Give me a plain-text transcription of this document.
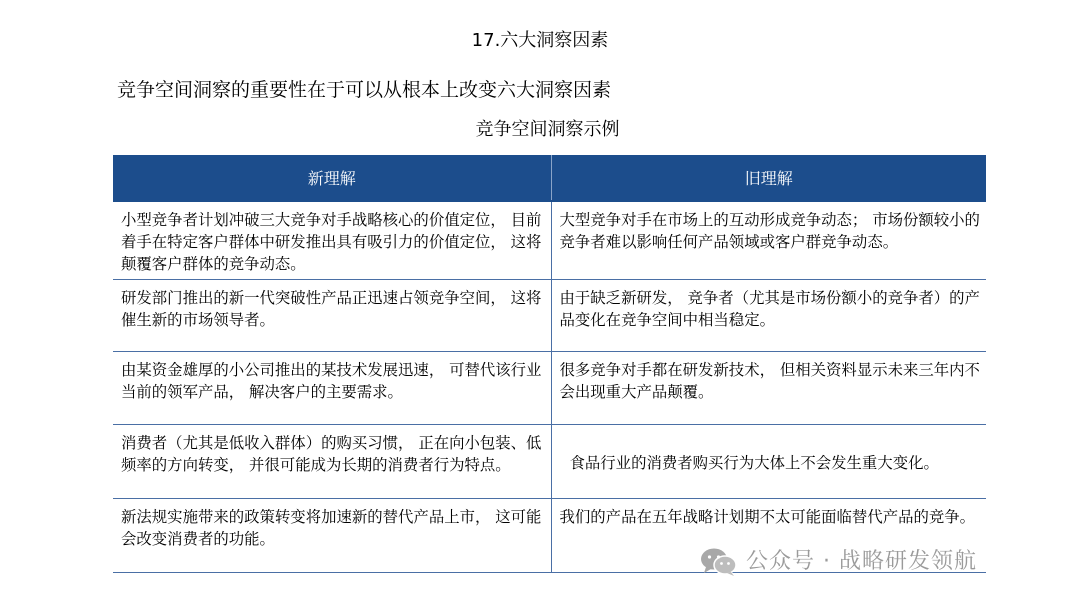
17.六大洞察因素
竞争空间洞察的重要性在于可以从根本上改变六大洞察因素
竞争空间洞察示例
新理解	旧理解
小型竞争者计划冲破三大竞争对手战略核心的价值定位， 目前着手在特定客户群体中研发推出具有吸引力的价值定位， 这将颠覆客户群体的竞争动态。	大型竞争对手在市场上的互动形成竞争动态； 市场份额较小的竞争者难以影响任何产品领域或客户群竞争动态。
研发部门推出的新一代突破性产品正迅速占领竞争空间， 这将催生新的市场领导者。	由于缺乏新研发， 竞争者（尤其是市场份额小的竞争者）的产品变化在竞争空间中相当稳定。
由某资金雄厚的小公司推出的某技术发展迅速， 可替代该行业当前的领军产品， 解决客户的主要需求。	很多竞争对手都在研发新技术， 但相关资料显示未来三年内不会出现重大产品颠覆。
消费者（尤其是低收入群体）的购买习惯， 正在向小包装、低频率的方向转变， 并很可能成为长期的消费者行为特点。	食品行业的消费者购买行为大体上不会发生重大变化。
新法规实施带来的政策转变将加速新的替代产品上市， 这可能会改变消费者的功能。	我们的产品在五年战略计划期不太可能面临替代产品的竞争。
公众号 · 战略研发领航
